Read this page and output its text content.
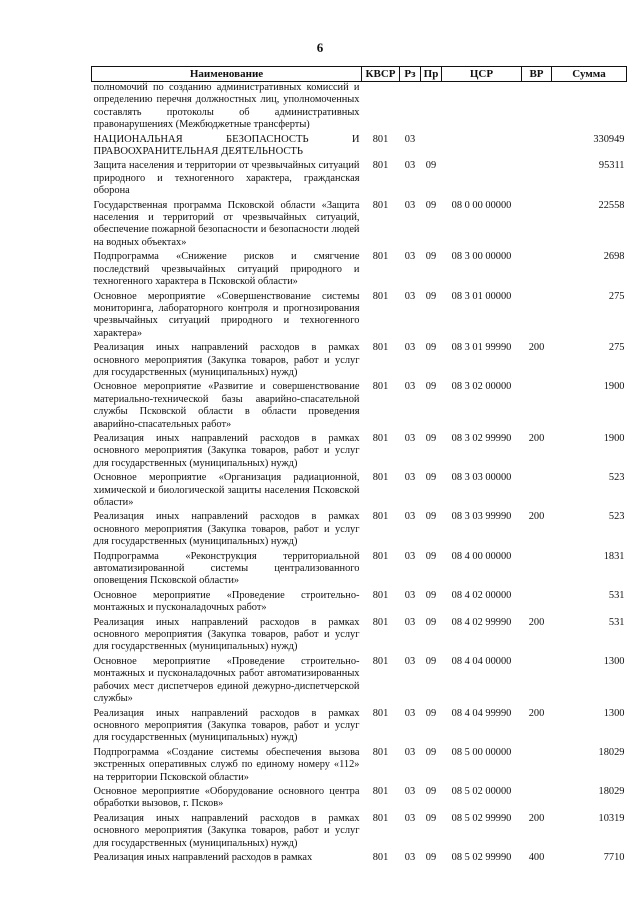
6
Наименование	КВСР	Рз	Пр	ЦСР	ВР	Сумма
полномочий по созданию административных комиссий и определению перечня должностных лиц, уполномоченных составлять протоколы об административных правонарушениях (Межбюджетные трансферты)						
НАЦИОНАЛЬНАЯ БЕЗОПАСНОСТЬ И ПРАВООХРАНИТЕЛЬНАЯ ДЕЯТЕЛЬНОСТЬ	801	03				330949
Защита населения и территории от чрезвычайных ситуаций природного и техногенного характера, гражданская оборона	801	03	09			95311
Государственная программа Псковской области «Защита населения и территорий от чрезвычайных ситуаций, обеспечение пожарной безопасности и безопасности людей на водных объектах»	801	03	09	08 0 00 00000		22558
Подпрограмма «Снижение рисков и смягчение последствий чрезвычайных ситуаций природного и техногенного характера в Псковской области»	801	03	09	08 3 00 00000		2698
Основное мероприятие «Совершенствование системы мониторинга, лабораторного контроля и прогнозирования чрезвычайных ситуаций природного и техногенного характера»	801	03	09	08 3 01 00000		275
Реализация иных направлений расходов в рамках основного мероприятия (Закупка товаров, работ и услуг для государственных (муниципальных) нужд)	801	03	09	08 3 01 99990	200	275
Основное мероприятие «Развитие и совершенствование материально-технической базы аварийно-спасательной службы Псковской области в области проведения аварийно-спасательных работ»	801	03	09	08 3 02 00000		1900
Реализация иных направлений расходов в рамках основного мероприятия (Закупка товаров, работ и услуг для государственных (муниципальных) нужд)	801	03	09	08 3 02 99990	200	1900
Основное мероприятие «Организация радиационной, химической и биологической защиты населения Псковской области»	801	03	09	08 3 03 00000		523
Реализация иных направлений расходов в рамках основного мероприятия (Закупка товаров, работ и услуг для государственных (муниципальных) нужд)	801	03	09	08 3 03 99990	200	523
Подпрограмма «Реконструкция территориальной автоматизированной системы централизованного оповещения Псковской области»	801	03	09	08 4 00 00000		1831
Основное мероприятие «Проведение строительно-монтажных и пусконаладочных работ»	801	03	09	08 4 02 00000		531
Реализация иных направлений расходов в рамках основного мероприятия (Закупка товаров, работ и услуг для государственных (муниципальных) нужд)	801	03	09	08 4 02 99990	200	531
Основное мероприятие «Проведение строительно-монтажных и пусконаладочных работ автоматизированных рабочих мест диспетчеров единой дежурно-диспетчерской службы»	801	03	09	08 4 04 00000		1300
Реализация иных направлений расходов в рамках основного мероприятия (Закупка товаров, работ и услуг для государственных (муниципальных) нужд)	801	03	09	08 4 04 99990	200	1300
Подпрограмма «Создание системы обеспечения вызова экстренных оперативных служб по единому номеру «112» на территории Псковской области»	801	03	09	08 5 00 00000		18029
Основное мероприятие «Оборудование основного центра обработки вызовов, г. Псков»	801	03	09	08 5 02 00000		18029
Реализация иных направлений расходов в рамках основного мероприятия (Закупка товаров, работ и услуг для государственных (муниципальных) нужд)	801	03	09	08 5 02 99990	200	10319
Реализация иных направлений расходов в рамках	801	03	09	08 5 02 99990	400	7710
